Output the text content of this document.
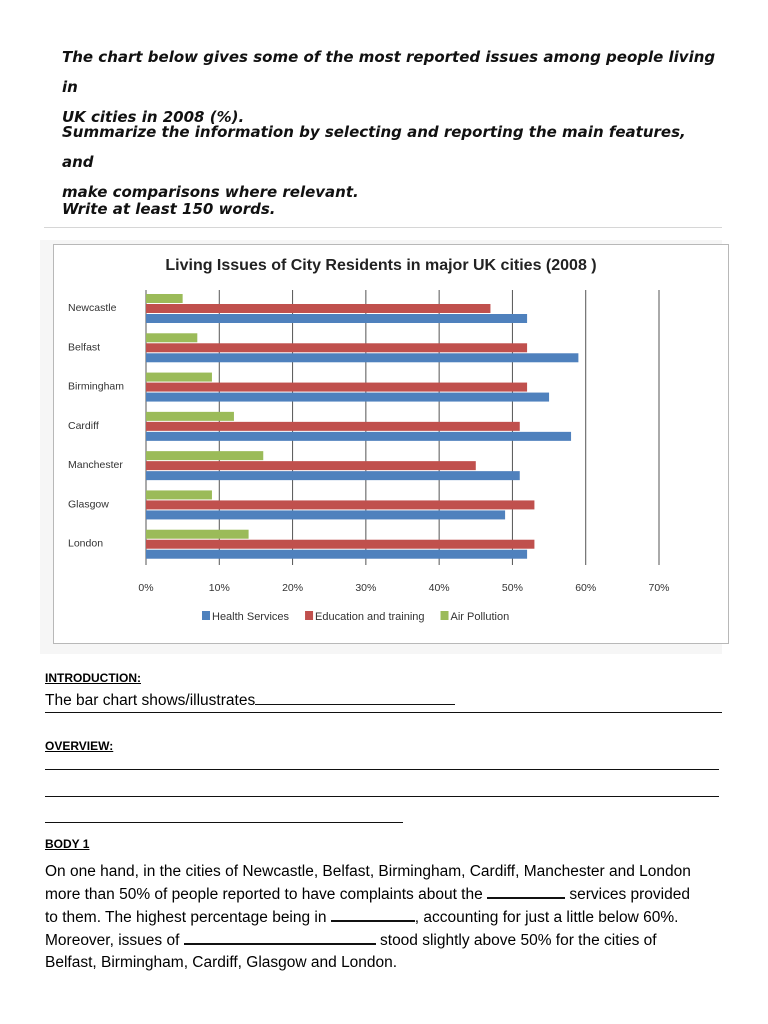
The chart below gives some of the most reported issues among people living in
UK cities in 2008 (%).
Summarize the information by selecting and reporting the main features, and
make comparisons where relevant.
Write at least 150 words.
Living Issues of City Residents in major UK cities (2008 )
0%	10%	20%	30%	40%	50%	60%	70%
Newcastle
Belfast
Birmingham
Cardiff
Manchester
Glasgow
London
Health Services Education and training Air Pollution
INTRODUCTION:
The bar chart shows/illustrates
OVERVIEW:
BODY 1
On one hand, in the cities of Newcastle, Belfast, Birmingham, Cardiff, Manchester and London
more than 50% of people reported to have complaints about the	services provided
to them. The highest percentage being in	, accounting for just a little below 60%.
Moreover, issues of	stood slightly above 50% for the cities of
Belfast, Birmingham, Cardiff, Glasgow and London.
